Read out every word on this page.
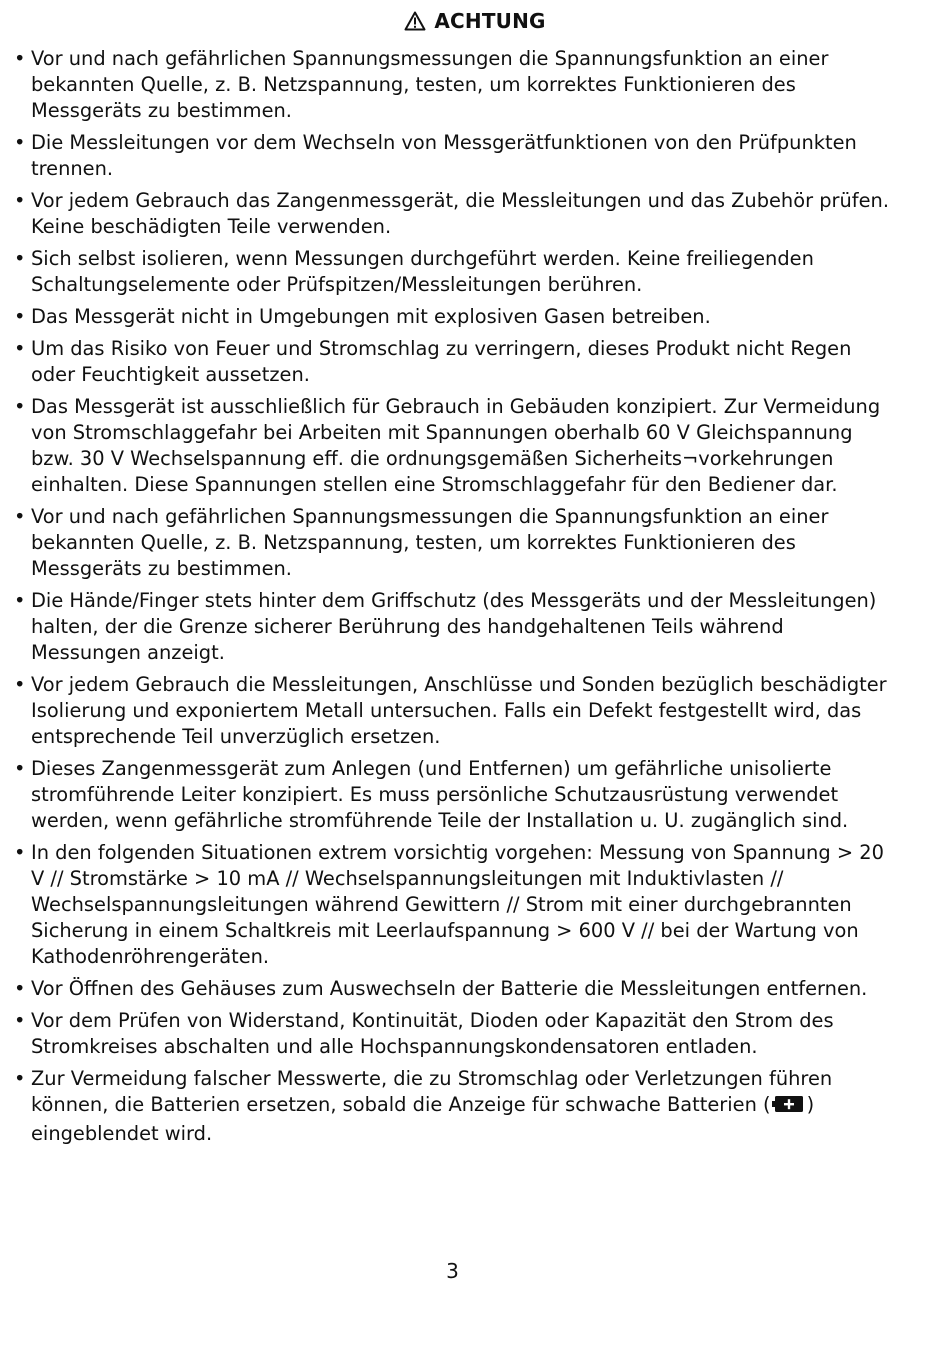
ACHTUNG
• Vor und nach gefährlichen Spannungsmessungen die Spannungsfunktion an einer bekannten Quelle, z. B. Netzspannung, testen, um korrektes Funktionieren des Messgeräts zu bestimmen.
• Die Messleitungen vor dem Wechseln von Messgerätfunktionen von den Prüfpunkten trennen.
• Vor jedem Gebrauch das Zangenmessgerät, die Messleitungen und das Zubehör prüfen. Keine beschädigten Teile verwenden.
• Sich selbst isolieren, wenn Messungen durchgeführt werden. Keine freiliegenden Schaltungselemente oder Prüfspitzen/Messleitungen berühren.
• Das Messgerät nicht in Umgebungen mit explosiven Gasen betreiben.
• Um das Risiko von Feuer und Stromschlag zu verringern, dieses Produkt nicht Regen oder Feuchtigkeit aussetzen.
• Das Messgerät ist ausschließlich für Gebrauch in Gebäuden konzipiert. Zur Vermeidung von Stromschlaggefahr bei Arbeiten mit Spannungen oberhalb 60 V Gleichspannung bzw. 30 V Wechselspannung eff. die ordnungsgemäßen Sicherheits¬vorkehrungen einhalten. Diese Spannungen stellen eine Stromschlaggefahr für den Bediener dar.
• Vor und nach gefährlichen Spannungsmessungen die Spannungsfunktion an einer bekannten Quelle, z. B. Netzspannung, testen, um korrektes Funktionieren des Messgeräts zu bestimmen.
• Die Hände/Finger stets hinter dem Griffschutz (des Messgeräts und der Messleitungen) halten, der die Grenze sicherer Berührung des handgehaltenen Teils während Messungen anzeigt.
• Vor jedem Gebrauch die Messleitungen, Anschlüsse und Sonden bezüglich beschädigter Isolierung und exponiertem Metall untersuchen. Falls ein Defekt festgestellt wird, das entsprechende Teil unverzüglich ersetzen.
• Dieses Zangenmessgerät zum Anlegen (und Entfernen) um gefährliche unisolierte stromführende Leiter konzipiert. Es muss persönliche Schutzausrüstung verwendet werden, wenn gefährliche stromführende Teile der Installation u. U. zugänglich sind.
• In den folgenden Situationen extrem vorsichtig vorgehen: Messung von Spannung > 20 V // Stromstärke > 10 mA // Wechselspannungsleitungen mit Induktivlasten // Wechselspannungsleitungen während Gewittern // Strom mit einer durchgebrannten Sicherung in einem Schaltkreis mit Leerlaufspannung > 600 V // bei der Wartung von Kathodenröhrengeräten.
• Vor Öffnen des Gehäuses zum Auswechseln der Batterie die Messleitungen entfernen.
• Vor dem Prüfen von Widerstand, Kontinuität, Dioden oder Kapazität den Strom des Stromkreises abschalten und alle Hochspannungskondensatoren entladen.
• Zur Vermeidung falscher Messwerte, die zu Stromschlag oder Verletzungen führen können, die Batterien ersetzen, sobald die Anzeige für schwache Batterien ( ) eingeblendet wird.
3
